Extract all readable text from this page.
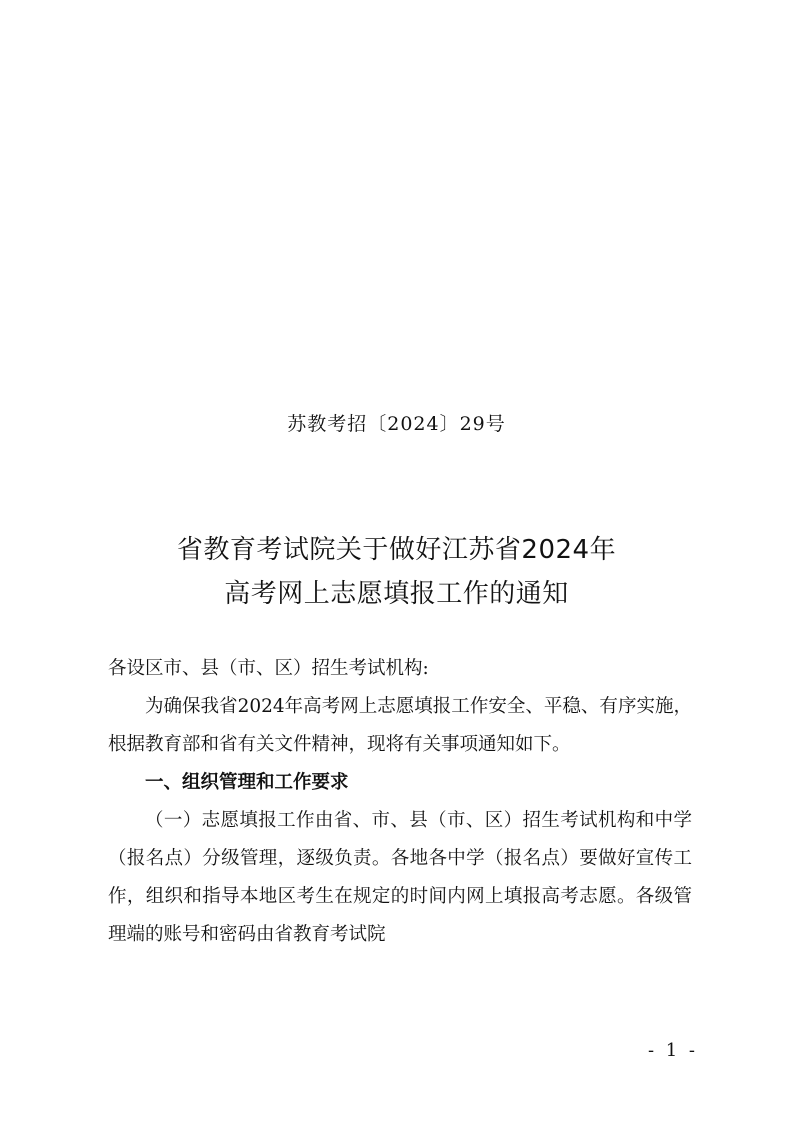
苏教考招〔2024〕29号
省教育考试院关于做好江苏省2024年
高考网上志愿填报工作的通知

各设区市、县（市、区）招生考试机构:

为确保我省2024年高考网上志愿填报工作安全、平稳、有序实施，根据教育部和省有关文件精神，现将有关事项通知如下。

一、组织管理和工作要求

（一）志愿填报工作由省、市、县（市、区）招生考试机构和中学（报名点）分级管理，逐级负责。各地各中学（报名点）要做好宣传工作，组织和指导本地区考生在规定的时间内网上填报高考志愿。各级管理端的账号和密码由省教育考试院

- 1 -
